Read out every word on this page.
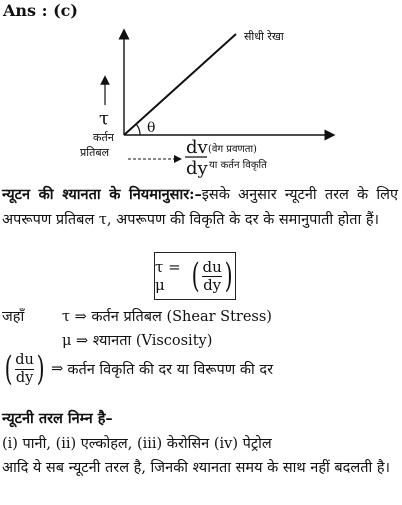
Ans : (c)
θ
सीधी रेखा
τ
कर्तन
प्रतिबल	dv
dy
(वेग प्रवणता)
या कर्तन विकृति
न्यूटन की श्यानता के नियमानुसार:–इसके अनुसार न्यूटनी तरल के लिए अपरूपण प्रतिबल τ, अपरूपण की विकृति के दर के समानुपाती होता हैं।
τ = μ ( $\frac{du}{dy}$ )
जहाँ	τ ⇒ कर्तन प्रतिबल (Shear Stress)
μ ⇒ श्यानता (Viscosity)
( $\frac{du}{dy}$ ) ⇒ कर्तन विकृति की दर या विरूपण की दर
न्यूटनी तरल निम्न है–
(i) पानी, (ii) एल्कोहल, (iii) केरोसिन (iv) पेट्रोल
आदि ये सब न्यूटनी तरल है, जिनकी श्यानता समय के साथ नहीं बदलती है।
